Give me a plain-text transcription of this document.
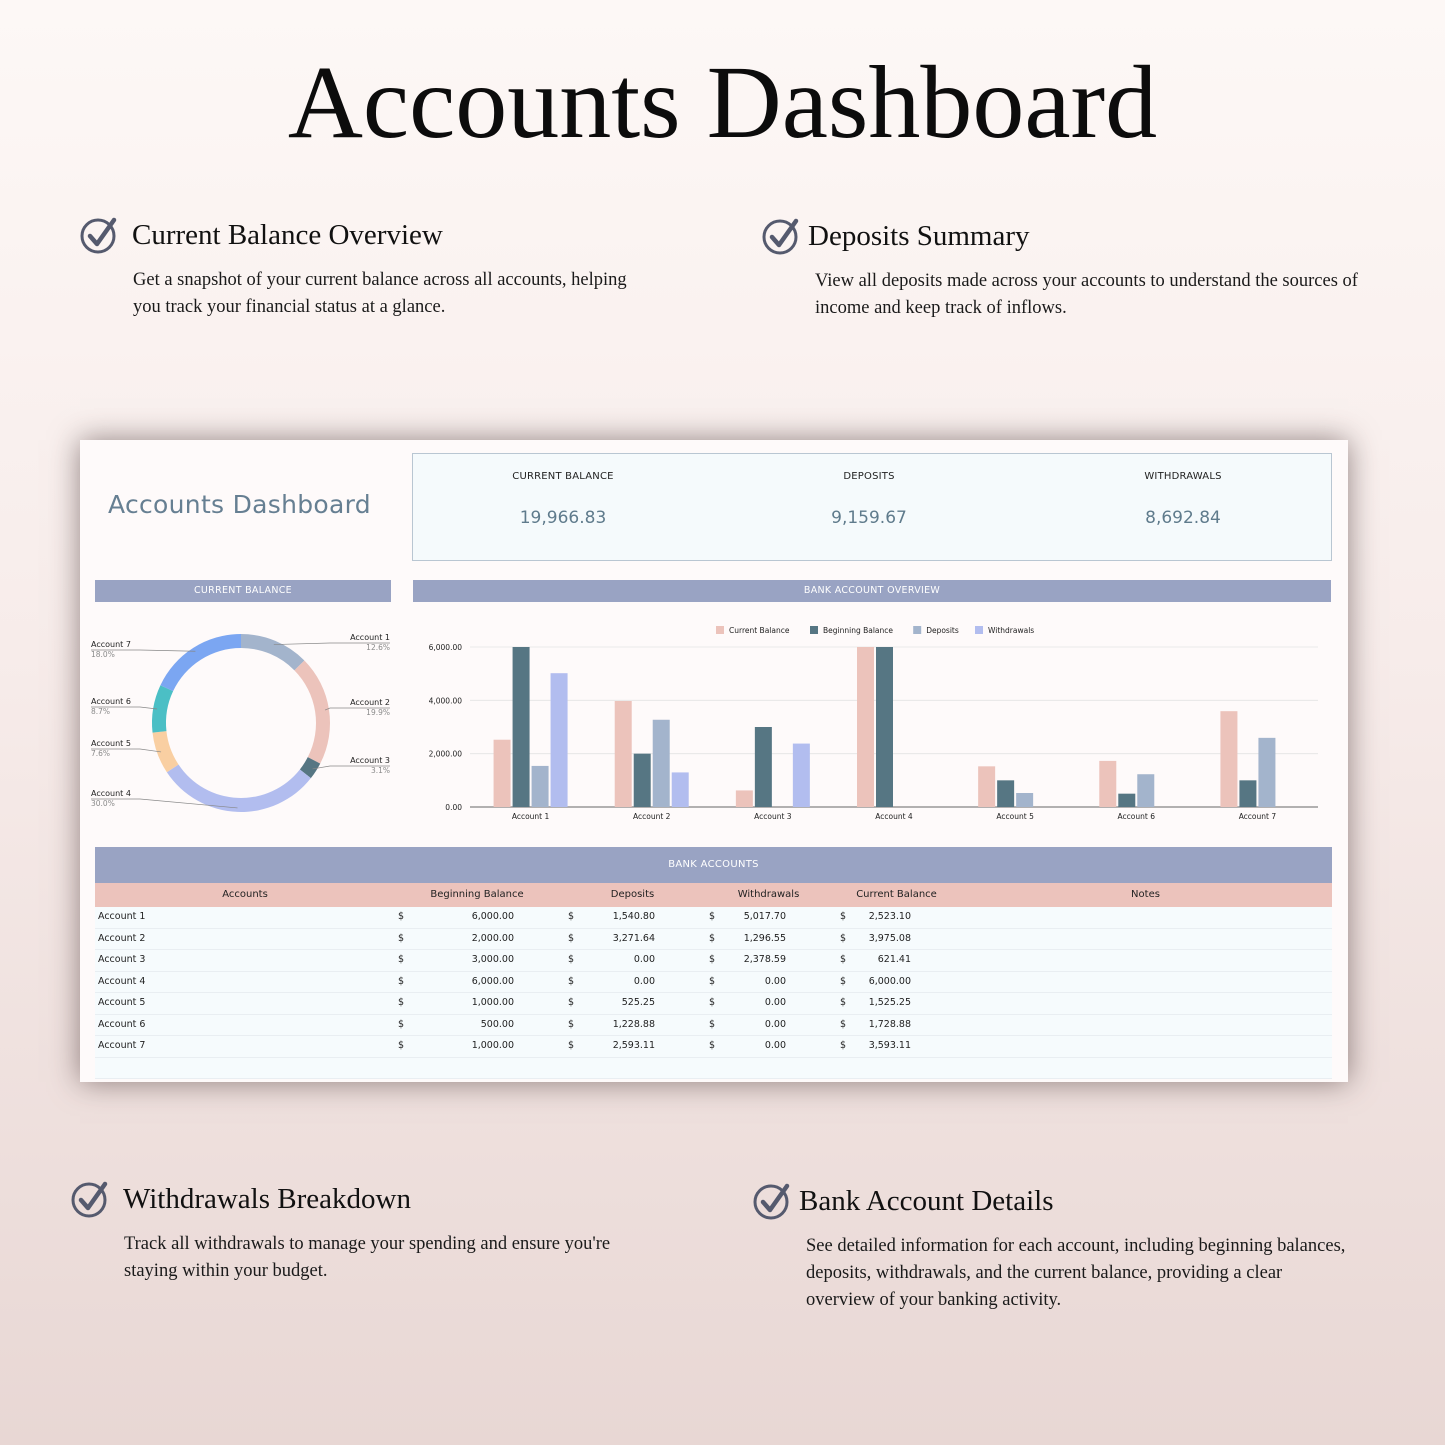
Accounts Dashboard
Current Balance Overview
Get a snapshot of your current balance across all accounts, helping you track your financial status at a glance.
Deposits Summary
View all deposits made across your accounts to understand the sources of income and keep track of inflows.
Accounts Dashboard
CURRENT BALANCE
19,966.83
DEPOSITS
9,159.67
WITHDRAWALS
8,692.84
CURRENT BALANCE	BANK ACCOUNT OVERVIEW
Account 1
12.6%
Account 2
19.9%
Account 3
3.1%
Account 4
30.0%
Account 5
7.6%
Account 6
8.7%
Account 7
18.0%
0.00
2,000.00
4,000.00
6,000.00
Account 1	Account 2	Account 3	Account 4	Account 5	Account 6	Account 7
Current Balance	Beginning Balance	Deposits	Withdrawals
BANK ACCOUNTS
Accounts	Beginning Balance	Deposits	Withdrawals	Current Balance	Notes
Account 1	$	6,000.00	$	1,540.80	$	5,017.70	$ 2,523.10
Account 2	$	2,000.00	$	3,271.64	$	1,296.55	$ 3,975.08
Account 3	$	3,000.00	$	0.00	$	2,378.59	$	621.41
Account 4	$	6,000.00	$	0.00	$	0.00	$ 6,000.00
Account 5	$	1,000.00	$	525.25	$	0.00	$ 1,525.25
Account 6	$	500.00	$	1,228.88	$	0.00	$ 1,728.88
Account 7	$	1,000.00	$	2,593.11	$	0.00	$ 3,593.11
Withdrawals Breakdown
Track all withdrawals to manage your spending and ensure you're staying within your budget.
Bank Account Details
See detailed information for each account, including beginning balances, deposits, withdrawals, and the current balance, providing a clear overview of your banking activity.
